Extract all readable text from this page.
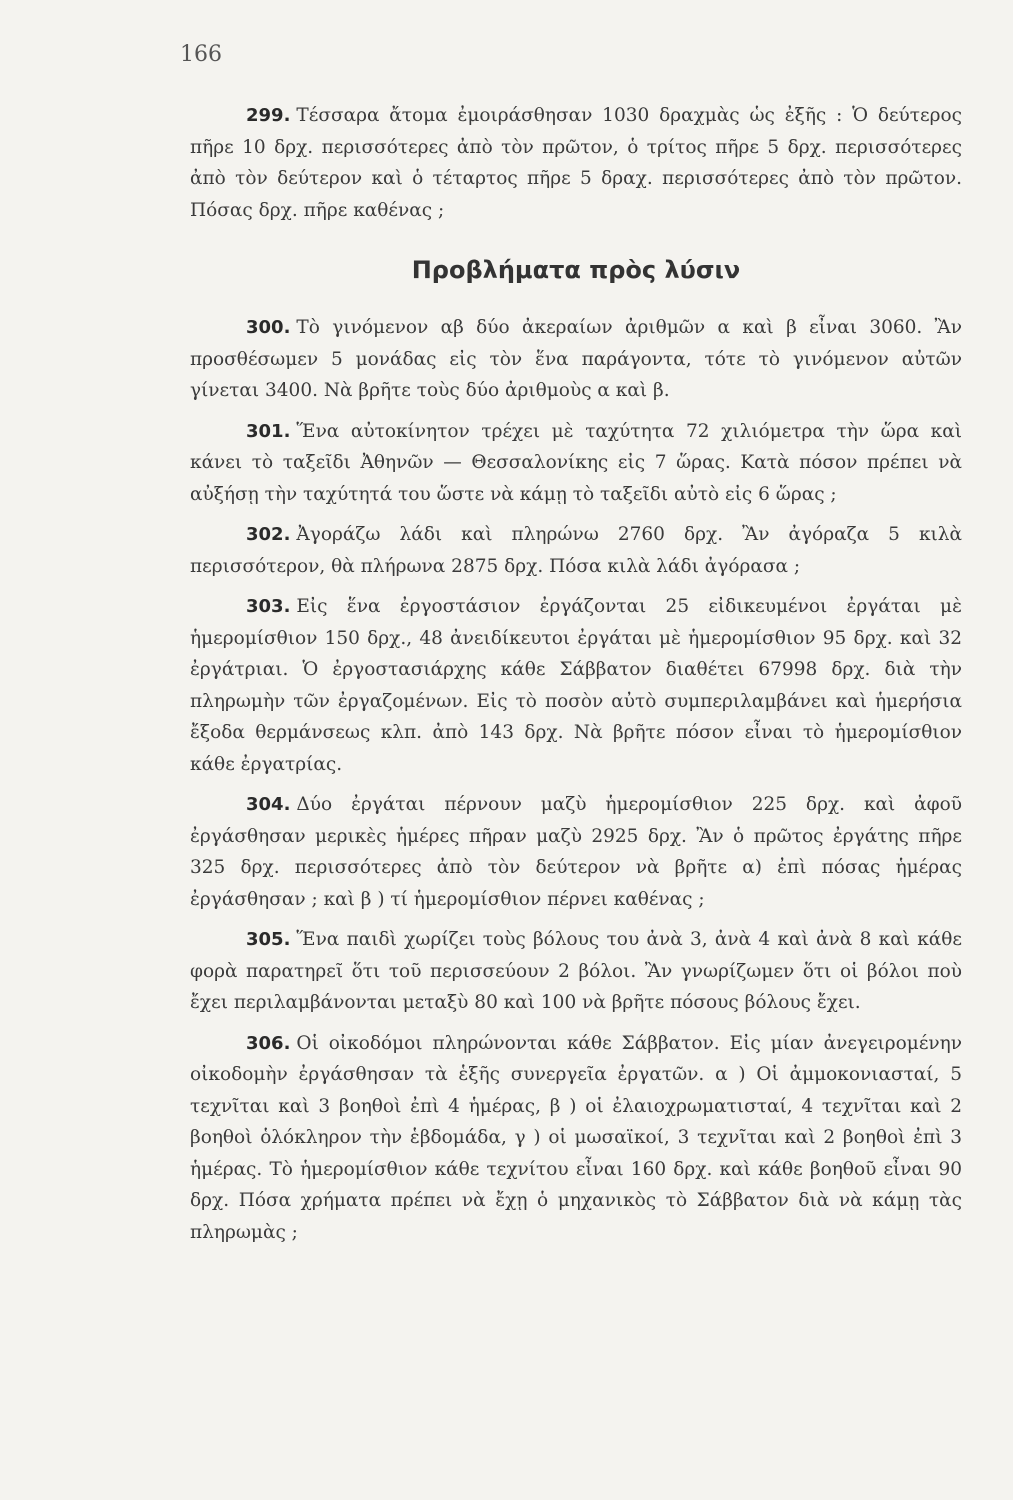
166

299. Τέσσαρα ἄτομα ἐμοιράσθησαν 1030 δραχμὰς ὡς ἐξῆς : Ὁ δεύτερος πῆρε 10 δρχ. περισσότερες ἀπὸ τὸν πρῶτον, ὁ τρίτος πῆρε 5 δρχ. περισσότερες ἀπὸ τὸν δεύτερον καὶ ὁ τέταρτος πῆρε 5 δραχ. περισσότερες ἀπὸ τὸν πρῶτον. Πόσας δρχ. πῆρε καθένας ;

Προβλήματα πρὸς λύσιν

300. Τὸ γινόμενον αβ δύο ἀκεραίων ἀριθμῶν α καὶ β εἶναι 3060. Ἂν προσθέσωμεν 5 μονάδας εἰς τὸν ἕνα παράγοντα, τότε τὸ γινόμενον αὐτῶν γίνεται 3400. Νὰ βρῆτε τοὺς δύο ἀριθμοὺς α καὶ β.

301. Ἕνα αὐτοκίνητον τρέχει μὲ ταχύτητα 72 χιλιόμετρα τὴν ὥρα καὶ κάνει τὸ ταξεῖδι Ἀθηνῶν — Θεσσαλονίκης εἰς 7 ὥρας. Κατὰ πόσον πρέπει νὰ αὐξήσῃ τὴν ταχύτητά του ὥστε νὰ κάμῃ τὸ ταξεῖδι αὐτὸ εἰς 6 ὥρας ;

302. Ἀγοράζω λάδι καὶ πληρώνω 2760 δρχ. Ἂν ἀγόραζα 5 κιλὰ περισσότερον, θὰ πλήρωνα 2875 δρχ. Πόσα κιλὰ λάδι ἀγόρασα ;

303. Εἰς ἕνα ἐργοστάσιον ἐργάζονται 25 εἰδικευμένοι ἐργάται μὲ ἡμερομίσθιον 150 δρχ., 48 ἀνειδίκευτοι ἐργάται μὲ ἡμερομίσθιον 95 δρχ. καὶ 32 ἐργάτριαι. Ὁ ἐργοστασιάρχης κάθε Σάββατον διαθέτει 67998 δρχ. διὰ τὴν πληρωμὴν τῶν ἐργαζομένων. Εἰς τὸ ποσὸν αὐτὸ συμπεριλαμβάνει καὶ ἡμερήσια ἔξοδα θερμάνσεως κλπ. ἀπὸ 143 δρχ. Νὰ βρῆτε πόσον εἶναι τὸ ἡμερομίσθιον κάθε ἐργατρίας.

304. Δύο ἐργάται πέρνουν μαζὺ ἡμερομίσθιον 225 δρχ. καὶ ἀφοῦ ἐργάσθησαν μερικὲς ἡμέρες πῆραν μαζὺ 2925 δρχ. Ἂν ὁ πρῶτος ἐργάτης πῆρε 325 δρχ. περισσότερες ἀπὸ τὸν δεύτερον νὰ βρῆτε α) ἐπὶ πόσας ἡμέρας ἐργάσθησαν ; καὶ β ) τί ἡμερομίσθιον πέρνει καθένας ;

305. Ἕνα παιδὶ χωρίζει τοὺς βόλους του ἀνὰ 3, ἀνὰ 4 καὶ ἀνὰ 8 καὶ κάθε φορὰ παρατηρεῖ ὅτι τοῦ περισσεύουν 2 βόλοι. Ἂν γνωρίζωμεν ὅτι οἱ βόλοι ποὺ ἔχει περιλαμβάνονται μεταξὺ 80 καὶ 100 νὰ βρῆτε πόσους βόλους ἔχει.

306. Οἱ οἰκοδόμοι πληρώνονται κάθε Σάββατον. Εἰς μίαν ἀνεγειρομένην οἰκοδομὴν ἐργάσθησαν τὰ ἑξῆς συνεργεῖα ἐργατῶν. α ) Οἱ ἀμμοκονιασταί, 5 τεχνῖται καὶ 3 βοηθοὶ ἐπὶ 4 ἡμέρας, β ) οἱ ἐλαιοχρωματισταί, 4 τεχνῖται καὶ 2 βοηθοὶ ὁλόκληρον τὴν ἑβδομάδα, γ ) οἱ μωσαϊκοί, 3 τεχνῖται καὶ 2 βοηθοὶ ἐπὶ 3 ἡμέρας. Τὸ ἡμερομίσθιον κάθε τεχνίτου εἶναι 160 δρχ. καὶ κάθε βοηθοῦ εἶναι 90 δρχ. Πόσα χρήματα πρέπει νὰ ἔχῃ ὁ μηχανικὸς τὸ Σάββατον διὰ νὰ κάμῃ τὰς πληρωμὰς ;
